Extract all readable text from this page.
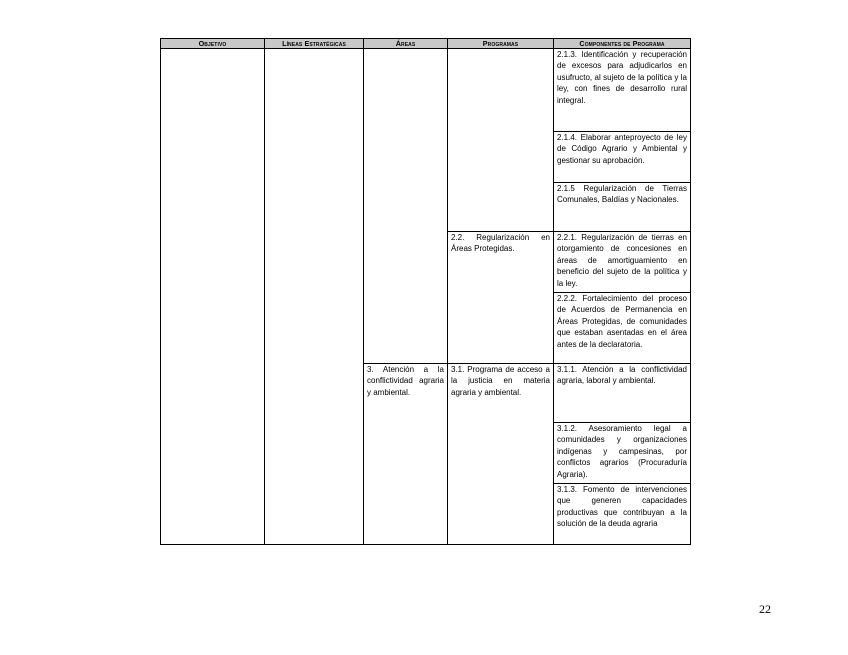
Objetivo	Líneas Estratégicas	Áreas	Programas	Componentes de Programa
				2.1.3. Identificación y recuperación de excesos para adjudicarlos en usufructo, al sujeto de la política y la ley, con fines de desarrollo rural integral.
				2.1.4. Elaborar anteproyecto de ley de Código Agrario y Ambiental y gestionar su aprobación.
				2.1.5 Regularización de Tierras Comunales, Baldías y Nacionales.
			2.2. Regularización en Áreas Protegidas.	2.2.1. Regularización de tierras en otorgamiento de concesiones en áreas de amortiguamiento en beneficio del sujeto de la política y la ley.
				2.2.2. Fortalecimiento del proceso de Acuerdos de Permanencia en Áreas Protegidas, de comunidades que estaban asentadas en el área antes de la declaratoria.
		3. Atención a la conflictividad agraria y ambiental.	3.1. Programa de acceso a la justicia en materia agraria y ambiental.	3.1.1. Atención a la conflictividad agraria, laboral y ambiental.
				3.1.2. Asesoramiento legal a comunidades y organizaciones indígenas y campesinas, por conflictos agrarios (Procuraduría Agraria).
				3.1.3. Fomento de intervenciones que generen capacidades productivas que contribuyan a la solución de la deuda agraria
22
